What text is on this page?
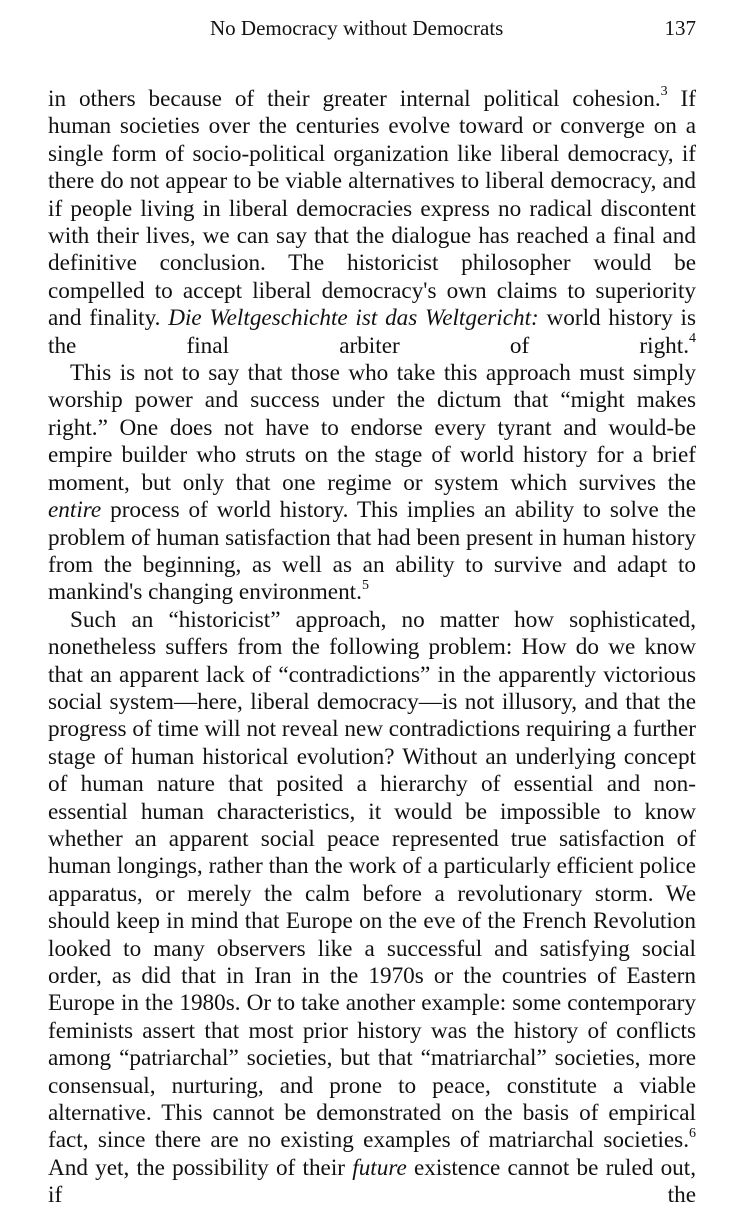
No Democracy without Democrats	137

in others because of their greater internal political cohesion.$^3$ If human societies over the centuries evolve toward or converge on a single form of socio-political organization like liberal democracy, if there do not appear to be viable alternatives to liberal democracy, and if people living in liberal democracies express no radical discontent with their lives, we can say that the dialogue has reached a final and definitive conclusion. The historicist philosopher would be compelled to accept liberal democracy's own claims to superiority and finality. Die Weltgeschichte ist das Weltgericht: world history is the final arbiter of right.$^4$

This is not to say that those who take this approach must simply worship power and success under the dictum that “might makes right.” One does not have to endorse every tyrant and would-be empire builder who struts on the stage of world history for a brief moment, but only that one regime or system which survives the entire process of world history. This implies an ability to solve the problem of human satisfaction that had been present in human history from the beginning, as well as an ability to survive and adapt to mankind's changing environment.$^5$

Such an “historicist” approach, no matter how sophisticated, nonetheless suffers from the following problem: How do we know that an apparent lack of “contradictions” in the apparently victorious social system—here, liberal democracy—is not illusory, and that the progress of time will not reveal new contradictions requiring a further stage of human historical evolution? Without an underlying concept of human nature that posited a hierarchy of essential and non-essential human characteristics, it would be impossible to know whether an apparent social peace represented true satisfaction of human longings, rather than the work of a particularly efficient police apparatus, or merely the calm before a revolutionary storm. We should keep in mind that Europe on the eve of the French Revolution looked to many observers like a successful and satisfying social order, as did that in Iran in the 1970s or the countries of Eastern Europe in the 1980s. Or to take another example: some contemporary feminists assert that most prior history was the history of conflicts among “patriarchal” societies, but that “matriarchal” societies, more consensual, nurturing, and prone to peace, constitute a viable alternative. This cannot be demonstrated on the basis of empirical fact, since there are no existing examples of matriarchal societies.$^6$ And yet, the possibility of their future existence cannot be ruled out, if the
